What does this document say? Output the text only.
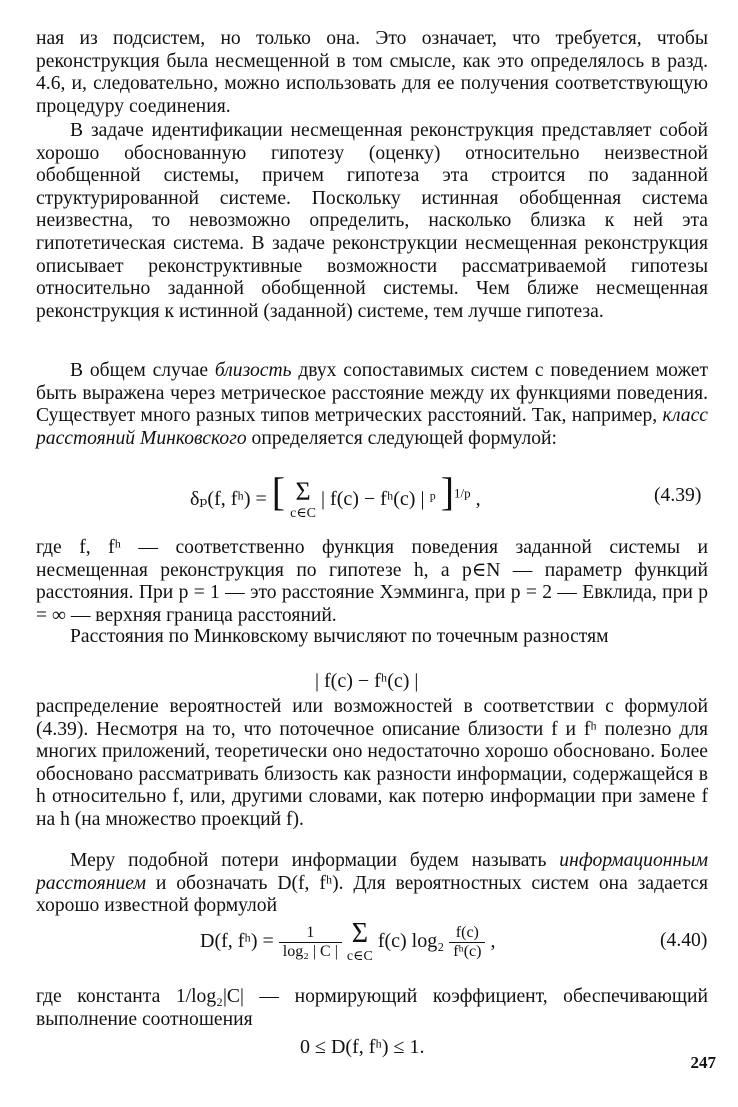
ная из подсистем, но только она. Это означает, что требуется, чтобы реконструкция была несмещенной в том смысле, как это определялось в разд. 4.6, и, следовательно, можно использовать для ее получения соответствующую процедуру соединения.

В задаче идентификации несмещенная реконструкция представляет собой хорошо обоснованную гипотезу (оценку) относительно неизвестной обобщенной системы, причем гипотеза эта строится по заданной структурированной системе. Поскольку истинная обобщенная система неизвестна, то невозможно определить, насколько близка к ней эта гипотетическая система. В задаче реконструкции несмещенная реконструкция описывает реконструктивные возможности рассматриваемой гипотезы относительно заданной обобщенной системы. Чем ближе несмещенная реконструкция к истинной (заданной) системе, тем лучше гипотеза.

В общем случае близость двух сопоставимых систем с поведением может быть выражена через метрическое расстояние между их функциями поведения. Существует много разных типов метрических расстояний. Так, например, класс расстояний Минковского определяется следующей формулой:

δₚ(f, fʰ) = [ Σ
c∈C
| f(c) − fʰ(c) | ᵖ ]$^{1/p}$ ,	(4.39)

где f, fʰ — соответственно функция поведения заданной системы и несмещенная реконструкция по гипотезе h, а p∈N — параметр функций расстояния. При p = 1 — это расстояние Хэмминга, при p = 2 — Евклида, при p = ∞ — верхняя граница расстояний.

Расстояния по Минковскому вычисляют по точечным разностям

| f(c) − fʰ(c) |

распределение вероятностей или возможностей в соответствии с формулой (4.39). Несмотря на то, что поточечное описание близости f и fʰ полезно для многих приложений, теоретически оно недостаточно хорошо обосновано. Более обосновано рассматривать близость как разности информации, содержащейся в h относительно f, или, другими словами, как потерю информации при замене f на h (на множество проекций f).

Меру подобной потери информации будем называть информационным расстоянием и обозначать D(f, fʰ). Для вероятностных систем она задается хорошо известной формулой

D(f, fʰ) = $\frac{1}{\text{log₂ | C |}}$
Σ
c∈C
f(c) $\log_2 \frac{f(c)}{\text{fʰ(c)}}$ ,	(4.40)

где константа 1/log₂|C| — нормирующий коэффициент, обеспечивающий выполнение соотношения

0 ≤ D(f, fʰ) ≤ 1.
247
